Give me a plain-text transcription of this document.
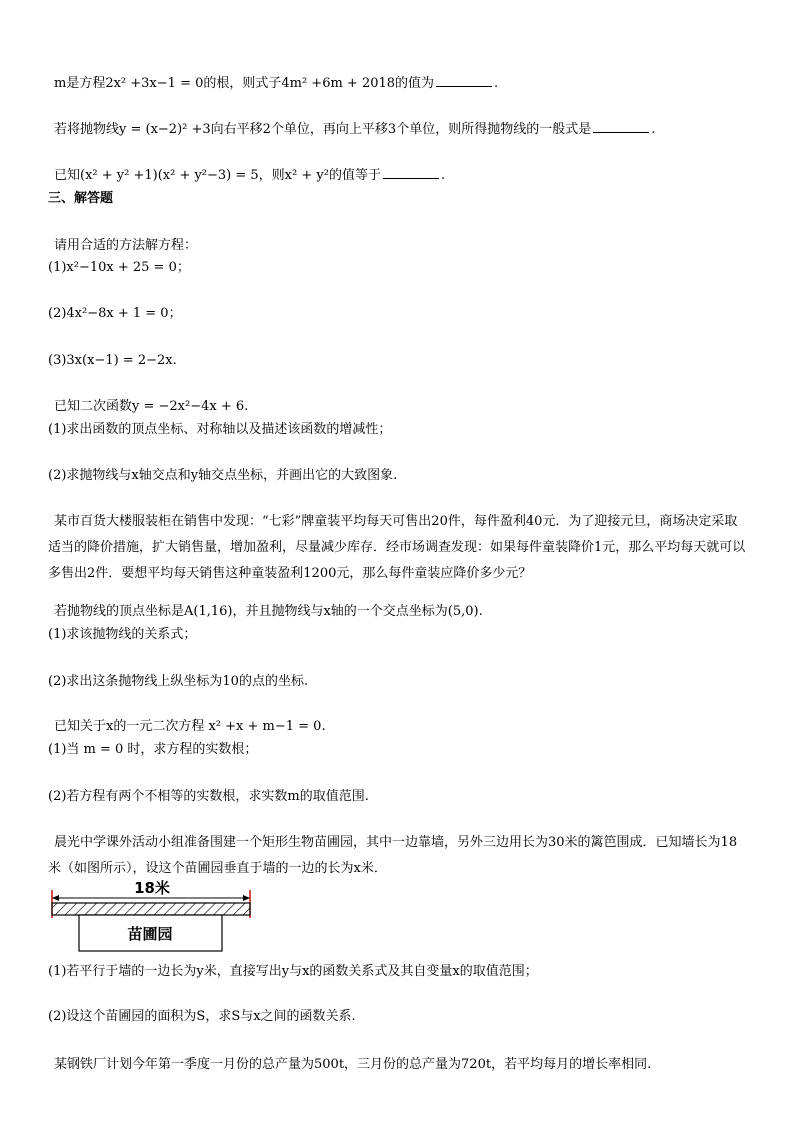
m是方程2x² +3x−1 = 0的根，则式子4m² +6m + 2018的值为	.
若将抛物线y = (x−2)² +3向右平移2个单位，再向上平移3个单位，则所得抛物线的一般式是	.
已知(x² + y² +1)(x² + y²−3) = 5，则x² + y²的值等于	.
三、解答题
请用合适的方法解方程：
(1)x²−10x + 25 = 0；
(2)4x²−8x + 1 = 0；
(3)3x(x−1) = 2−2x.
已知二次函数y = −2x²−4x + 6.
(1)求出函数的顶点坐标、对称轴以及描述该函数的增减性；
(2)求抛物线与x轴交点和y轴交点坐标，并画出它的大致图象.
某市百货大楼服装柜在销售中发现：“七彩”牌童装平均每天可售出20件，每件盈利40元．为了迎接元旦，商场决定采取适当的降价措施，扩大销售量，增加盈利，尽量减少库存．经市场调查发现：如果每件童装降价1元，那么平均每天就可以多售出2件．要想平均每天销售这种童装盈利1200元，那么每件童装应降价多少元？
若抛物线的顶点坐标是A(1,16)，并且抛物线与x轴的一个交点坐标为(5,0).
(1)求该抛物线的关系式；
(2)求出这条抛物线上纵坐标为10的点的坐标.
已知关于x的一元二次方程 x² +x + m−1 = 0.
(1)当 m = 0 时，求方程的实数根；
(2)若方程有两个不相等的实数根，求实数m的取值范围.
晨光中学课外活动小组准备围建一个矩形生物苗圃园，其中一边靠墙，另外三边用长为30米的篱笆围成．已知墙长为18米（如图所示），设这个苗圃园垂直于墙的一边的长为x米．
18米
苗圃园
(1)若平行于墙的一边长为y米，直接写出y与x的函数关系式及其自变量x的取值范围；
(2)设这个苗圃园的面积为S，求S与x之间的函数关系.
某钢铁厂计划今年第一季度一月份的总产量为500t，三月份的总产量为720t，若平均每月的增长率相同.
